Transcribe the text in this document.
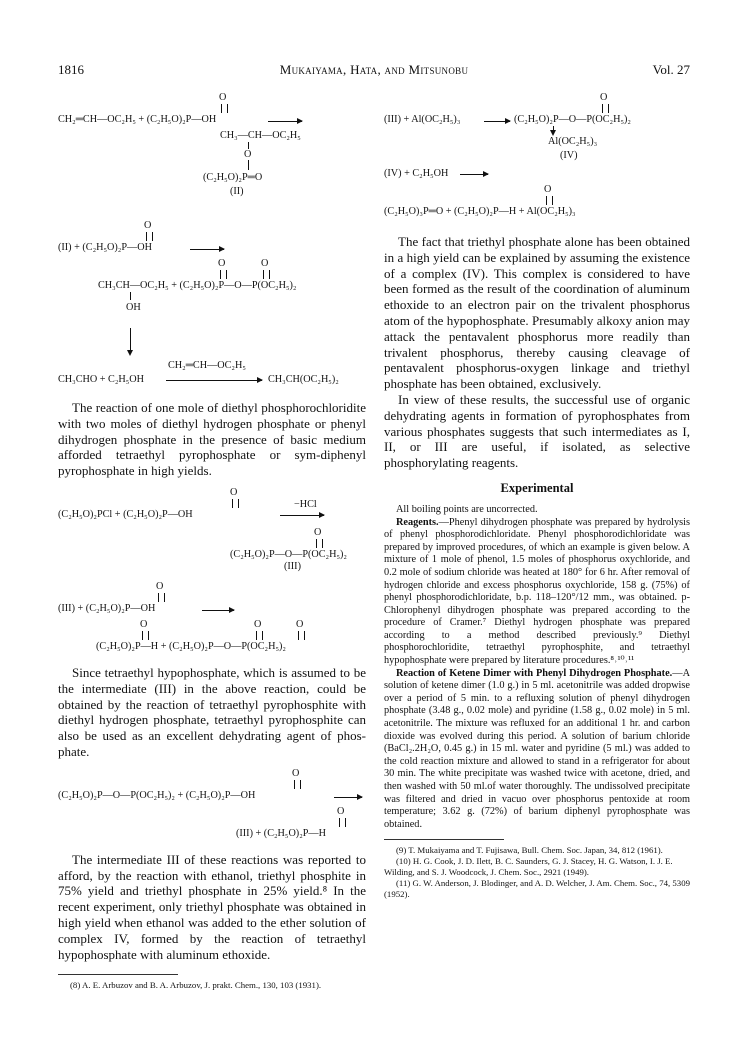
1816	Mukaiyama, Hata, and Mitsunobu	Vol. 27
O
CH₂═CH—OC₂H₅ + (C₂H₅O)₂P—OH
CH₃—CH—OC₂H₅
O
(C₂H₅O)₂P═O
(II)
O
(II) + (C₂H₅O)₂P—OH
O	O
CH₃CH—OC₂H₅ + (C₂H₅O)₂P—O—P(OC₂H₅)₂
OH
CH₂═CH—OC₂H₅
CH₃CHO + C₂H₅OH	CH₃CH(OC₂H₅)₂

The reaction of one mole of diethyl phosphorochloridite with two moles of diethyl hydrogen phosphate or phenyl dihydrogen phosphate in the presence of basic medium afforded tetraethyl pyrophosphate or sym-diphenyl pyrophosphate in high yields.

O
(C₂H₅O)₂PCl + (C₂H₅O)₂P—OH
−HCl
O
(C₂H₅O)₂P—O—P(OC₂H₅)₂
(III)
O
(III) + (C₂H₅O)₂P—OH
O	O	O
(C₂H₅O)₂P—H + (C₂H₅O)₂P—O—P(OC₂H₅)₂

Since tetraethyl hypophosphate, which is assumed to be the intermediate (III) in the above reaction, could be obtained by the reaction of tetraethyl pyrophosphite with diethyl hydrogen phosphate, tetraethyl pyrophosphite can also be used as an excellent dehydrating agent of phosphate.

O
(C₂H₅O)₂P—O—P(OC₂H₅)₂ + (C₂H₅O)₂P—OH
O
(III) + (C₂H₅O)₂P—H

The intermediate III of these reactions was reported to afford, by the reaction with ethanol, triethyl phosphite in 75% yield and triethyl phosphate in 25% yield.⁸ In the recent experiment, only triethyl phosphate was obtained in high yield when ethanol was added to the ether solution of complex IV, formed by the reaction of tetraethyl hypophosphate with aluminum ethoxide.

(8) A. E. Arbuzov and B. A. Arbuzov, J. prakt. Chem., 130, 103 (1931).

O
(III) + Al(OC₂H₅)₃ → (C₂H₅O)₂P—O—P(OC₂H₅)₂
Al(OC₂H₅)₃
(IV)
(IV) + C₂H₅OH →
O
(C₂H₅O)₃P═O + (C₂H₅O)₂P—H + Al(OC₂H₅)₃

The fact that triethyl phosphate alone has been obtained in a high yield can be explained by assuming the existence of a complex (IV). This complex is considered to have been formed as the result of the coordination of aluminum ethoxide to an electron pair on the trivalent phosphorus atom of the hypophosphate. Presumably alkoxy anion may attack the pentavalent phosphorus more readily than trivalent phosphorus, thereby causing cleavage of pentavalent phosphorus-oxygen linkage and triethyl phosphate has been obtained, exclusively.

In view of these results, the successful use of organic dehydrating agents in formation of pyrophosphates from various phosphates suggests that such intermediates as I, II, or III are useful, if isolated, as selective phosphorylating reagents.

Experimental

All boiling points are uncorrected.

Reagents.—Phenyl dihydrogen phosphate was prepared by hydrolysis of phenyl phosphorodichloridate. Phenyl phosphorodichloridate was prepared by improved procedures, of which an example is given below. A mixture of 1 mole of phenol, 1.5 moles of phosphorus oxychloride, and 0.2 mole of sodium chloride was heated at 180° for 6 hr. After removal of hydrogen chloride and excess phosphorus oxychloride, 158 g. (75%) of phenyl phosphorodichloridate, b.p. 118–120°/12 mm., was obtained. p-Chlorophenyl dihydrogen phosphate was prepared according to the procedure of Cramer.⁷ Diethyl hydrogen phosphate was prepared according to a method described previously.⁹ Diethyl phosphorochloridite, tetraethyl pyrophosphite, and tetraethyl hypophosphate were prepared by literature procedures.⁸˒¹⁰˒¹¹

Reaction of Ketene Dimer with Phenyl Dihydrogen Phosphate.—A solution of ketene dimer (1.0 g.) in 5 ml. acetonitrile was added dropwise over a period of 5 min. to a refluxing solution of phenyl dihydrogen phosphate (3.48 g., 0.02 mole) and pyridine (1.58 g., 0.02 mole) in 5 ml. acetonitrile. The mixture was refluxed for an additional 1 hr. and carbon dioxide was evolved during this period. A solution of barium chloride (BaCl₂.2H₂O, 0.45 g.) in 15 ml. water and pyridine (5 ml.) was added to the cold reaction mixture and allowed to stand in a refrigerator for about 30 min. The white precipitate was washed twice with acetone, dried, and then washed with 50 ml.of water thoroughly. The undissolved precipitate was filtered and dried in vacuo over phosphorus pentoxide at room temperature; 3.62 g. (72%) of barium diphenyl pyrophosphate was obtained.

(9) T. Mukaiyama and T. Fujisawa, Bull. Chem. Soc. Japan, 34, 812 (1961).

(10) H. G. Cook, J. D. Ilett, B. C. Saunders, G. J. Stacey, H. G. Watson, I. J. E. Wilding, and S. J. Woodcock, J. Chem. Soc., 2921 (1949).

(11) G. W. Anderson, J. Blodinger, and A. D. Welcher, J. Am. Chem. Soc., 74, 5309 (1952).
